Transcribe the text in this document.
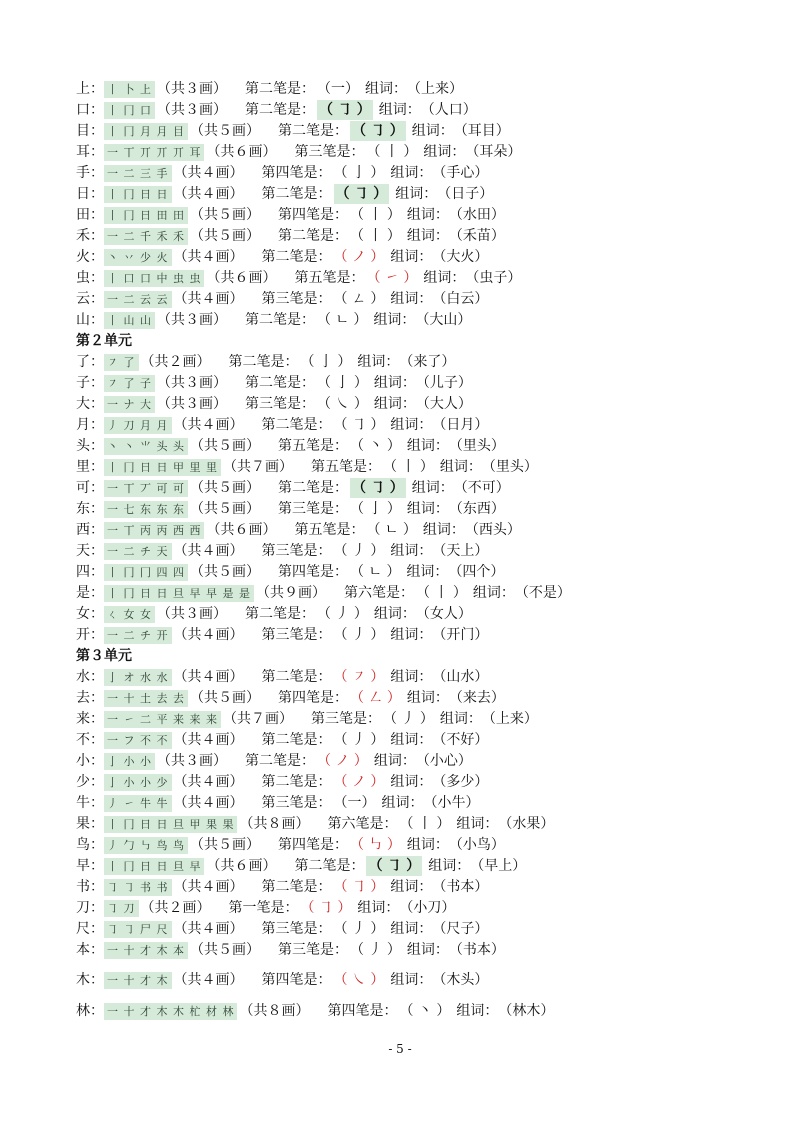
上 ： 丨 卜 上 （共３画） 第二笔是： （一） 组词： （上来）
口 ： 丨 冂 口 （共３画） 第二笔是： （ ㇆ ） 组词： （人口）
目 ： 丨 冂 月 月 目 （共５画） 第二笔是： （ ㇆ ） 组词： （耳目）
耳 ： 一 丅 丌 丌 丌 耳 （共６画） 第三笔是： （ 丨 ） 组词： （耳朵）
手 ： 一 二 三 手 （共４画） 第四笔是： （ 亅 ） 组词： （手心）
日 ： 丨 冂 日 日 （共４画） 第二笔是： （ ㇆ ） 组词： （日子）
田 ： 丨 冂 日 田 田 （共５画） 第四笔是： （ 丨 ） 组词： （水田）
禾 ： 一 二 千 禾 禾 （共５画） 第二笔是： （ 丨 ） 组词： （禾苗）
火 ： 丶 丷 少 火 （共４画） 第二笔是： （ ノ ） 组词： （大火）
虫 ： 丨 口 口 中 虫 虫 （共６画） 第五笔是： （ ㇀ ） 组词： （虫子）
云 ： 一 二 云 云 （共４画） 第三笔是： （ ㄥ ） 组词： （白云）
山 ： 丨 山 山 （共３画） 第二笔是： （ ㄴ ） 组词： （大山）
第２单元
了 ： ㇇ 了 （共２画） 第二笔是： （ 亅 ） 组词： （来了）
子 ： ㇇ 了 子 （共３画） 第二笔是： （ 亅 ） 组词： （儿子）
大 ： 一 ナ 大 （共３画） 第三笔是： （ ㇏ ） 组词： （大人）
月 ： 丿 刀 月 月 （共４画） 第二笔是： （ ㇆ ） 组词： （日月）
头 ： 丶 丶 ⺌ 头 头 （共５画） 第五笔是： （ 丶 ） 组词： （里头）
里 ： 丨 冂 日 日 甲 里 里 （共７画） 第五笔是： （ 丨 ） 组词： （里头）
可 ： 一 丅 丆 可 可 （共５画） 第二笔是： （ ㇆ ） 组词： （不可）
东 ： 一 七 东 东 东 （共５画） 第三笔是： （ 亅 ） 组词： （东西）
西 ： 一 丅 丙 丙 西 西 （共６画） 第五笔是： （ ㄴ ） 组词： （西头）
天 ： 一 二 チ 天 （共４画） 第三笔是： （ 丿 ） 组词： （天上）
四 ： 丨 冂 冂 四 四 （共５画） 第四笔是： （ ㄴ ） 组词： （四个）
是 ： 丨 冂 日 日 旦 早 早 是 是 （共９画） 第六笔是： （ 丨 ） 组词： （不是）
女 ： ㄑ 女 女 （共３画） 第二笔是： （ 丿 ） 组词： （女人）
开 ： 一 二 チ 开 （共４画） 第三笔是： （ 丿 ） 组词： （开门）
第３单元
水 ： 亅 オ 水 水 （共４画） 第二笔是： （ ㇇ ） 组词： （山水）
去 ： 一 十 土 去 去 （共５画） 第四笔是： （ ㇜ ） 组词： （来去）
来 ： 一 ㇀ 二 平 来 来 来 （共７画） 第三笔是： （ 丿 ） 组词： （上来）
不 ： 一 フ 不 不 （共４画） 第二笔是： （ 丿 ） 组词： （不好）
小 ： 亅 小 小 （共３画） 第二笔是： （ ノ ） 组词： （小心）
少 ： 亅 小 小 少 （共４画） 第二笔是： （ ノ ） 组词： （多少）
牛 ： 丿 ㇀ 牛 牛 （共４画） 第三笔是： （一） 组词： （小牛）
果 ： 丨 冂 日 日 旦 甲 果 果 （共８画） 第六笔是： （ 丨 ） 组词： （水果）
鸟 ： 丿 勹 ㇉ 鸟 鸟 （共５画） 第四笔是： （ ㇉ ） 组词： （小鸟）
早 ： 丨 冂 日 日 旦 早 （共６画） 第二笔是： （ ㇆ ） 组词： （早上）
书 ： ㇆ ㇆ 书 书 （共４画） 第二笔是： （ ㇆ ） 组词： （书本）
刀 ： ㇆ 刀 （共２画） 第一笔是： （ ㇆ ） 组词： （小刀）
尺 ： ㇆ ㇆ 尸 尺 （共４画） 第三笔是： （ 丿 ） 组词： （尺子）
本 ： 一 十 才 木 本 （共５画） 第三笔是： （ 丿 ） 组词： （书本）
木 ： 一 十 才 木 （共４画） 第四笔是： （ ㇏ ） 组词： （木头）
林 ： 一 十 才 木 木 杧 材 林 （共８画） 第四笔是： （ 丶 ） 组词： （林木）
- 5 -
